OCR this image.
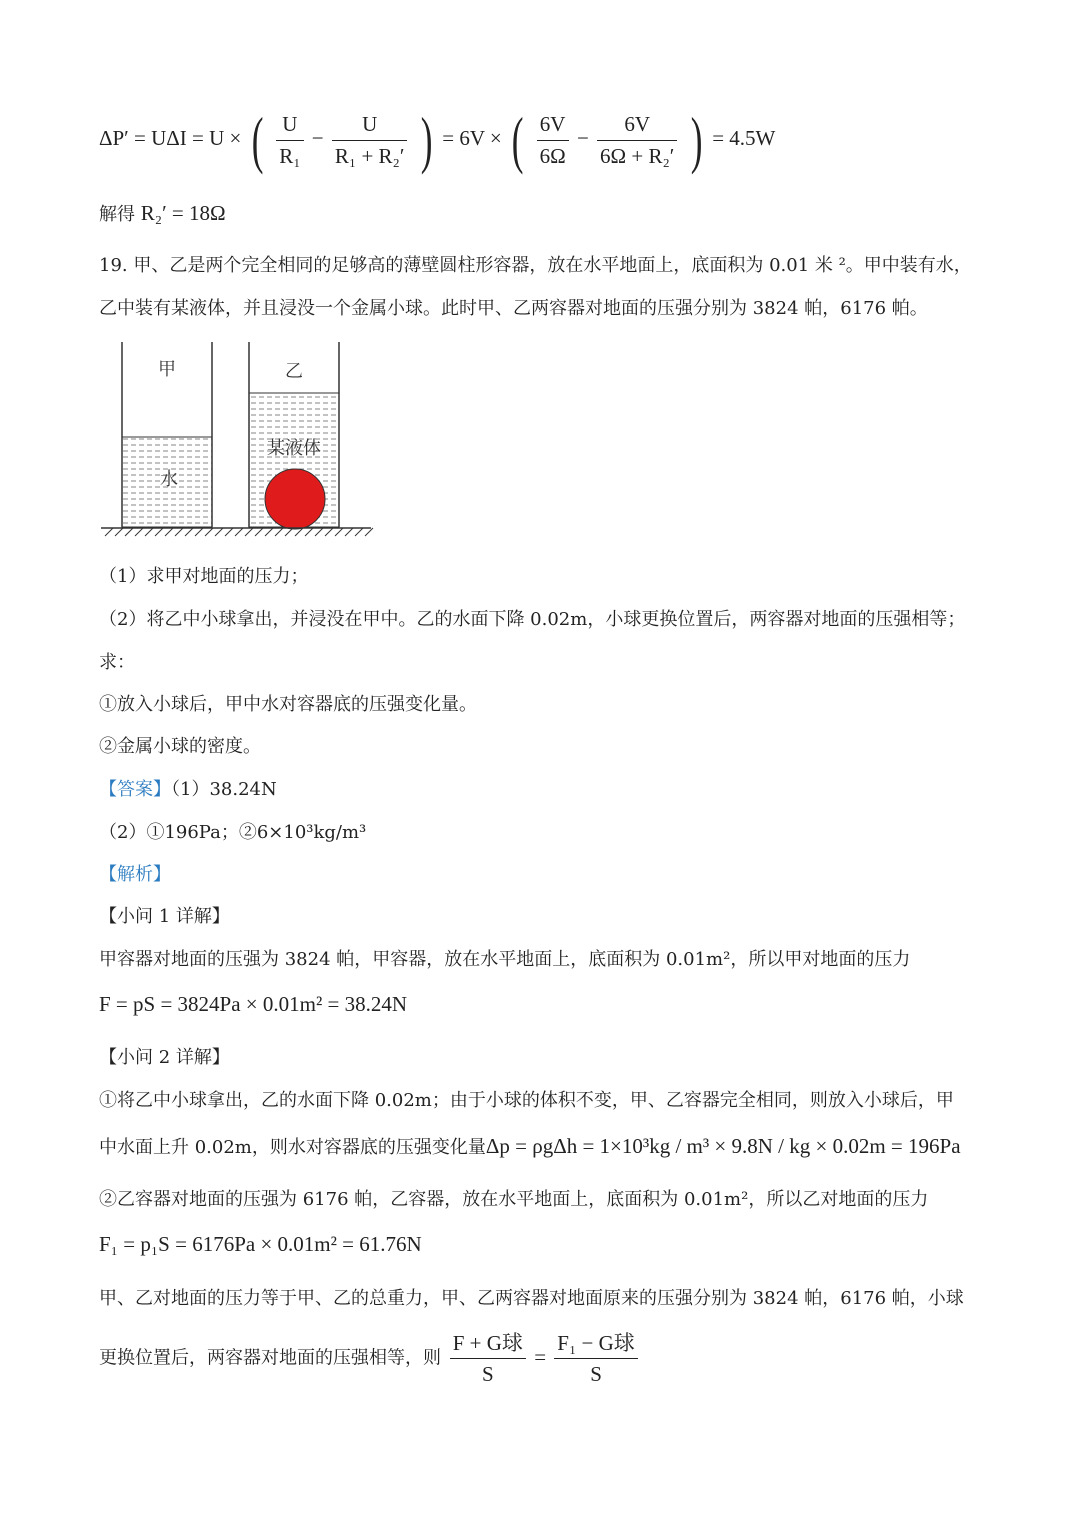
ΔP′ = UΔI = U × ( $\frac{U}{\text{R₁}} - \frac{U}{\text{R₁ + R₂′}}$ ) = 6V × ( $\frac{6V}{6\Omega} - \frac{6V}{\text{6Ω + R₂′}}$ ) = 4.5W
解得 R₂′ = 18Ω
19. 甲、乙是两个完全相同的足够高的薄壁圆柱形容器，放在水平地面上，底面积为 0.01 米 ²。甲中装有水，
乙中装有某液体，并且浸没一个金属小球。此时甲、乙两容器对地面的压强分别为 3824 帕，6176 帕。
甲
水
乙
某液体
（1）求甲对地面的压力；
（2）将乙中小球拿出，并浸没在甲中。乙的水面下降 0.02m，小球更换位置后，两容器对地面的压强相等；
求：
①放入小球后，甲中水对容器底的压强变化量。
②金属小球的密度。
【答案】（1）38.24N
（2）①196Pa；②6×10³kg/m³
【解析】
【小问 1 详解】
甲容器对地面的压强为 3824 帕，甲容器，放在水平地面上，底面积为 0.01m²，所以甲对地面的压力
F = pS = 3824Pa × 0.01m² = 38.24N
【小问 2 详解】
①将乙中小球拿出，乙的水面下降 0.02m；由于小球的体积不变，甲、乙容器完全相同，则放入小球后，甲
中水面上升 0.02m，则水对容器底的压强变化量Δp = ρgΔh = 1×10³kg / m³ × 9.8N / kg × 0.02m = 196Pa
②乙容器对地面的压强为 6176 帕，乙容器，放在水平地面上，底面积为 0.01m²，所以乙对地面的压力
F₁ = p₁S = 6176Pa × 0.01m² = 61.76N
甲、乙对地面的压力等于甲、乙的总重力，甲、乙两容器对地面原来的压强分别为 3824 帕，6176 帕，小球
更换位置后，两容器对地面的压强相等，则 $\frac{\text{F + G球}}{S} = \frac{\text{F₁ − G球}}{S}$
